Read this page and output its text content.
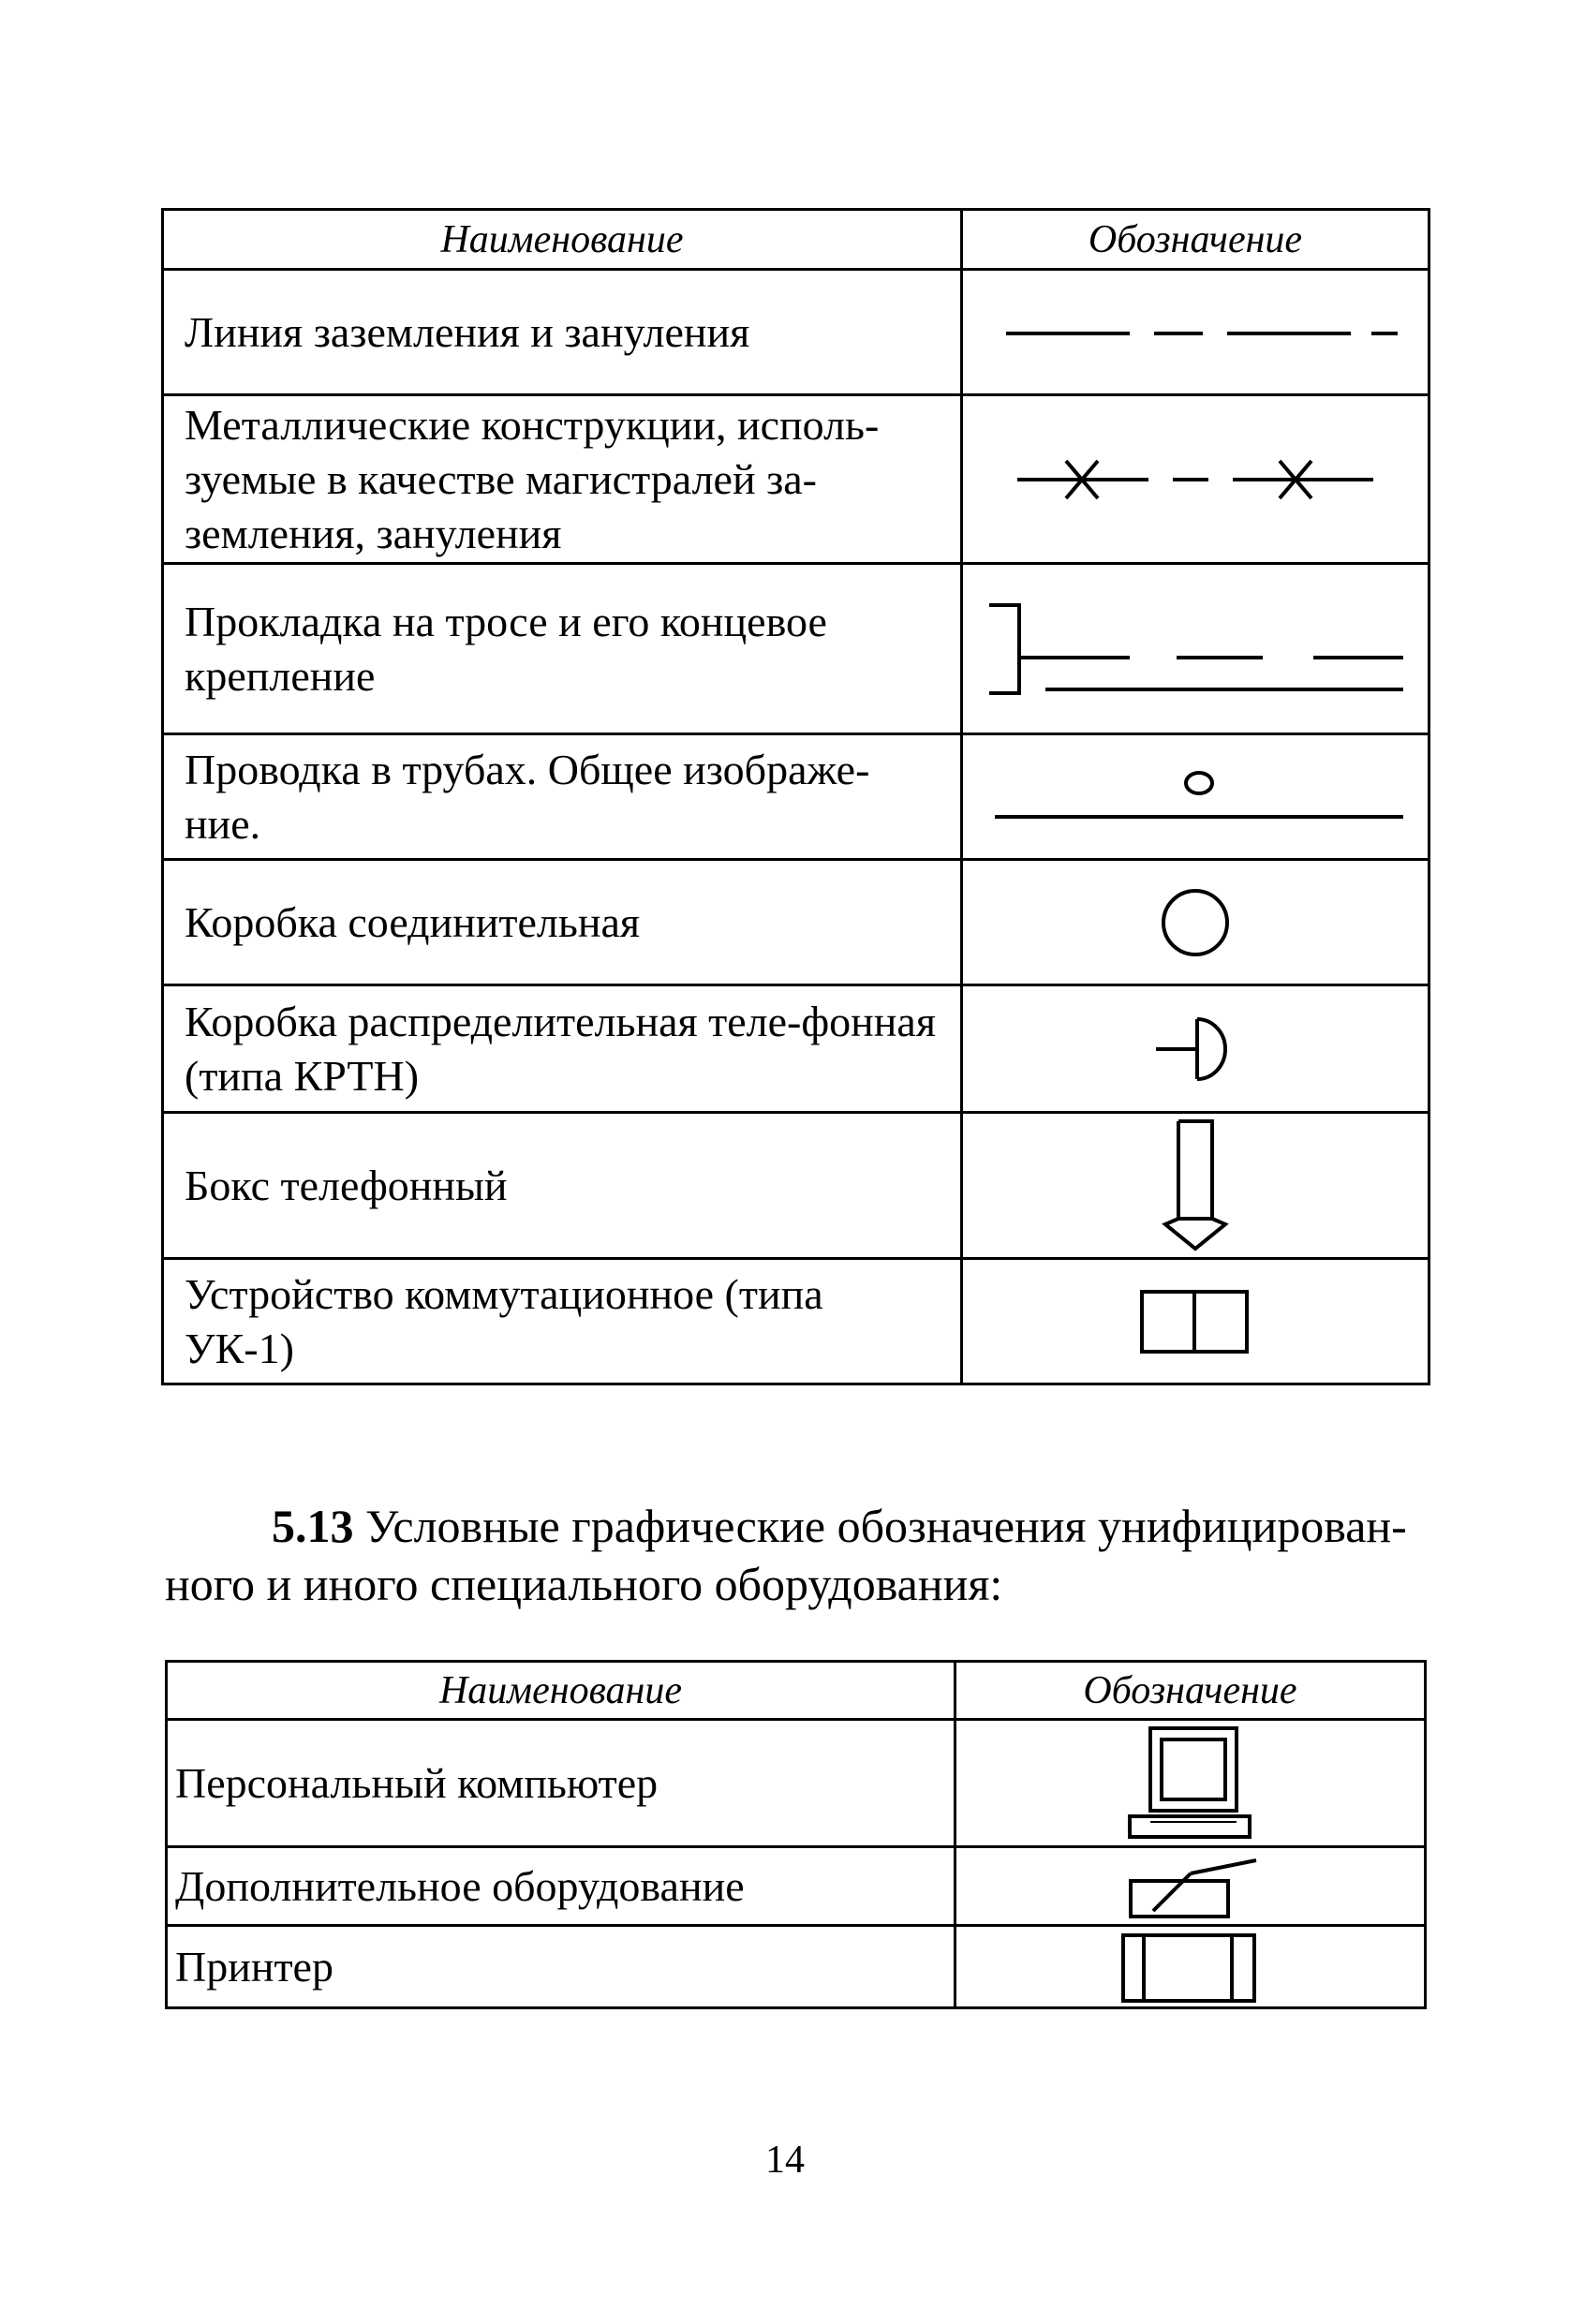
Наименование	Обозначение
Линия заземления и зануления	

Металлические конструкции, исполь-зуемые в качестве магистралей за-земления, зануления	

Прокладка на тросе и его концевое крепление	

Проводка в трубах. Общее изображе-ние.	

Коробка соединительная	

Коробка распределительная теле-фонная (типа КРТН)	

Бокс телефонный	

Устройство коммутационное (типа УК-1)	

5.13 Условные графические обозначения унифицирован-ного и иного специального оборудования:

Наименование	Обозначение
Персональный компьютер	

Дополнительное оборудование	

Принтер	
14
